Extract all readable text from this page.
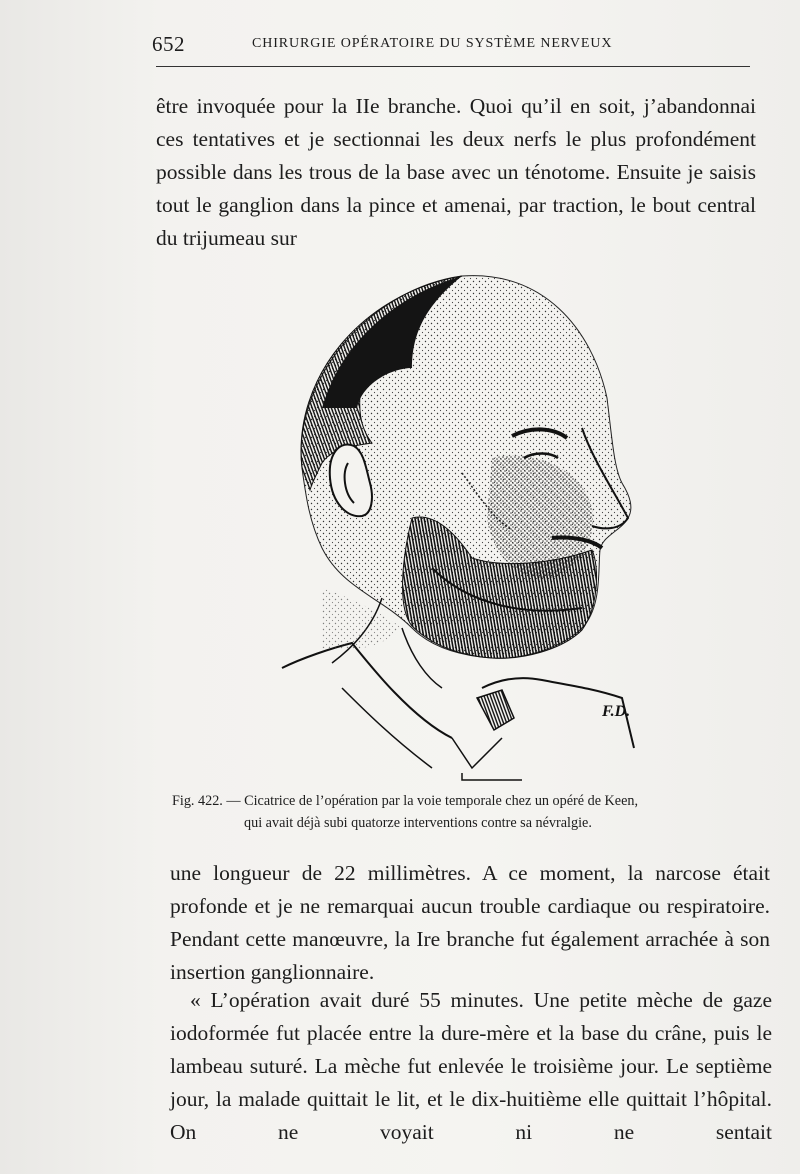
652	CHIRURGIE OPÉRATOIRE DU SYSTÈME NERVEUX

être invoquée pour la IIe branche. Quoi qu’il en soit, j’abandonnai ces tentatives et je sectionnai les deux nerfs le plus profondément possible dans les trous de la base avec un ténotome. Ensuite je saisis tout le ganglion dans la pince et amenai, par traction, le bout central du trijumeau sur

F.D.
Fig. 422. — Cicatrice de l’opération par la voie temporale chez un opéré de Keen,
qui avait déjà subi quatorze interventions contre sa névralgie.

une longueur de 22 millimètres. A ce moment, la narcose était profonde et je ne remarquai aucun trouble cardiaque ou respiratoire. Pendant cette manœuvre, la Ire branche fut également arrachée à son insertion ganglionnaire.

« L’opération avait duré 55 minutes. Une petite mèche de gaze iodoformée fut placée entre la dure-mère et la base du crâne, puis le lambeau suturé. La mèche fut enlevée le troisième jour. Le septième jour, la malade quittait le lit, et le dix-huitième elle quittait l’hôpital. On ne voyait ni ne sentait
